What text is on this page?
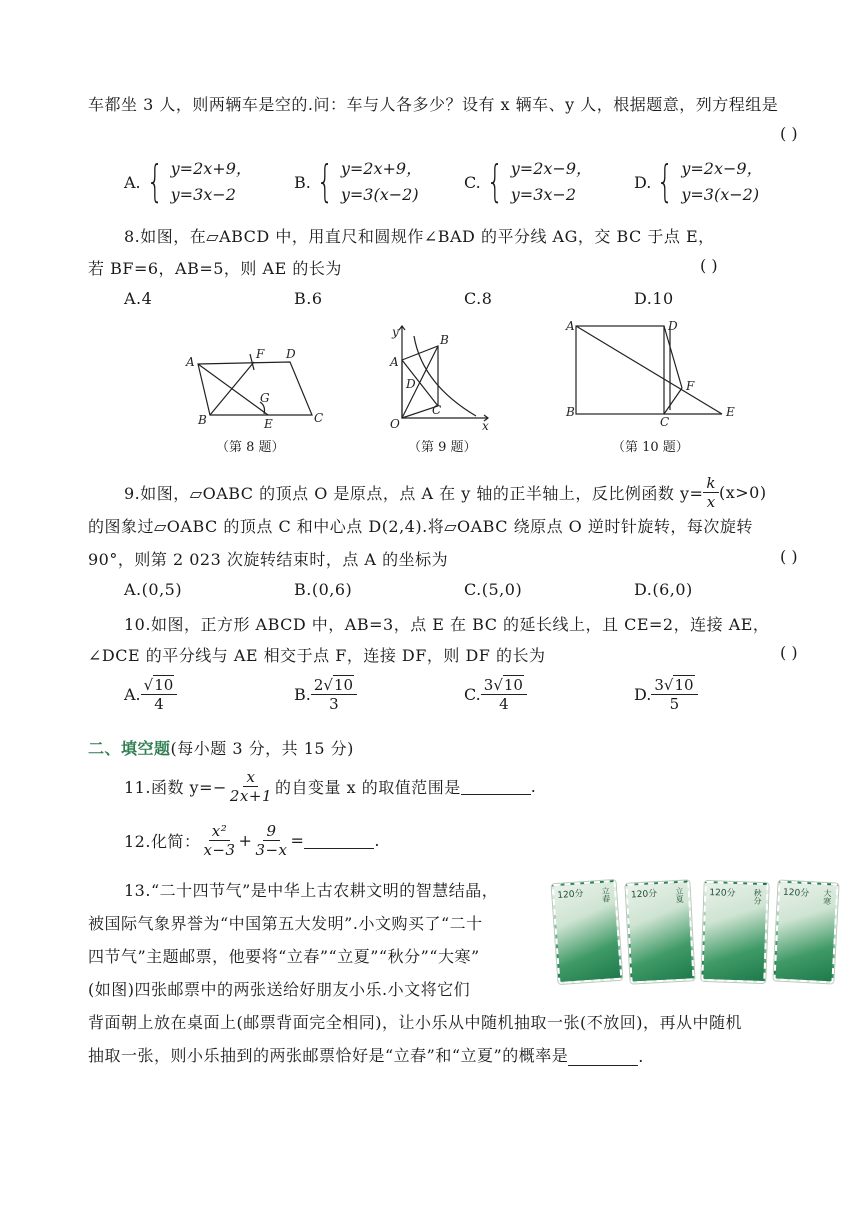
车都坐 3 人，则两辆车是空的.问：车与人各多少？设有 x 辆车、y 人，根据题意，列方程组是
( )
A. { y=2x+9，
y=3x−2
B. { y=2x+9，
y=3(x−2)
C. { y=2x−9，
y=3x−2
D. { y=2x−9，
y=3(x−2)
8.如图，在▱ABCD 中，用直尺和圆规作∠BAD 的平分线 AG，交 BC 于点 E，
若 BF=6，AB=5，则 AE 的长为	( )
A.4	B.6	C.8	D.10
A
B
F D
G
E	C
（第 8 题）
y
x
O
A
B
D
C
（第 9 题）
A	D
B
C
E
F
（第 10 题）
9.如图，▱OABC 的顶点 O 是原点，点 A 在 y 轴的正半轴上，反比例函数 $y= \frac{k}{x} (x>0)$
的图象过▱OABC 的顶点 C 和中心点 D(2,4).将▱OABC 绕原点 O 逆时针旋转，每次旋转
90°，则第 2 023 次旋转结束时，点 A 的坐标为	( )
A.(0,5)	B.(0,6)	C.(5,0)	D.(6,0)
10.如图，正方形 ABCD 中，AB=3，点 E 在 BC 的延长线上，且 CE=2，连接 AE，
∠DCE 的平分线与 AE 相交于点 F，连接 DF，则 DF 的长为	( )
A. $\frac{√10}{4}$	B. $\frac{2√10}{3}$	C. $\frac{3√10}{4}$	D. $\frac{3√10}{5}$
二、填空题(每小题 3 分，共 15 分)
11.函数 $y=- \frac{x}{2x+1}$ 的自变量 x 的取值范围是	.
12.化简： $\frac{\text{x²}}{x-3} + \frac{9}{3-x}$ =	.
13.“二十四节气”是中华上古农耕文明的智慧结晶，
被国际气象界誉为“中国第五大发明”.小文购买了“二十
四节气”主题邮票，他要将“立春”“立夏”“秋分”“大寒”
(如图)四张邮票中的两张送给好朋友小乐.小文将它们
背面朝上放在桌面上(邮票背面完全相同)，让小乐从中随机抽取一张(不放回)，再从中随机
抽取一张，则小乐抽到的两张邮票恰好是“立春”和“立夏”的概率是	.
120分 立春 120分 立夏	120分 秋分 120分 大寒
